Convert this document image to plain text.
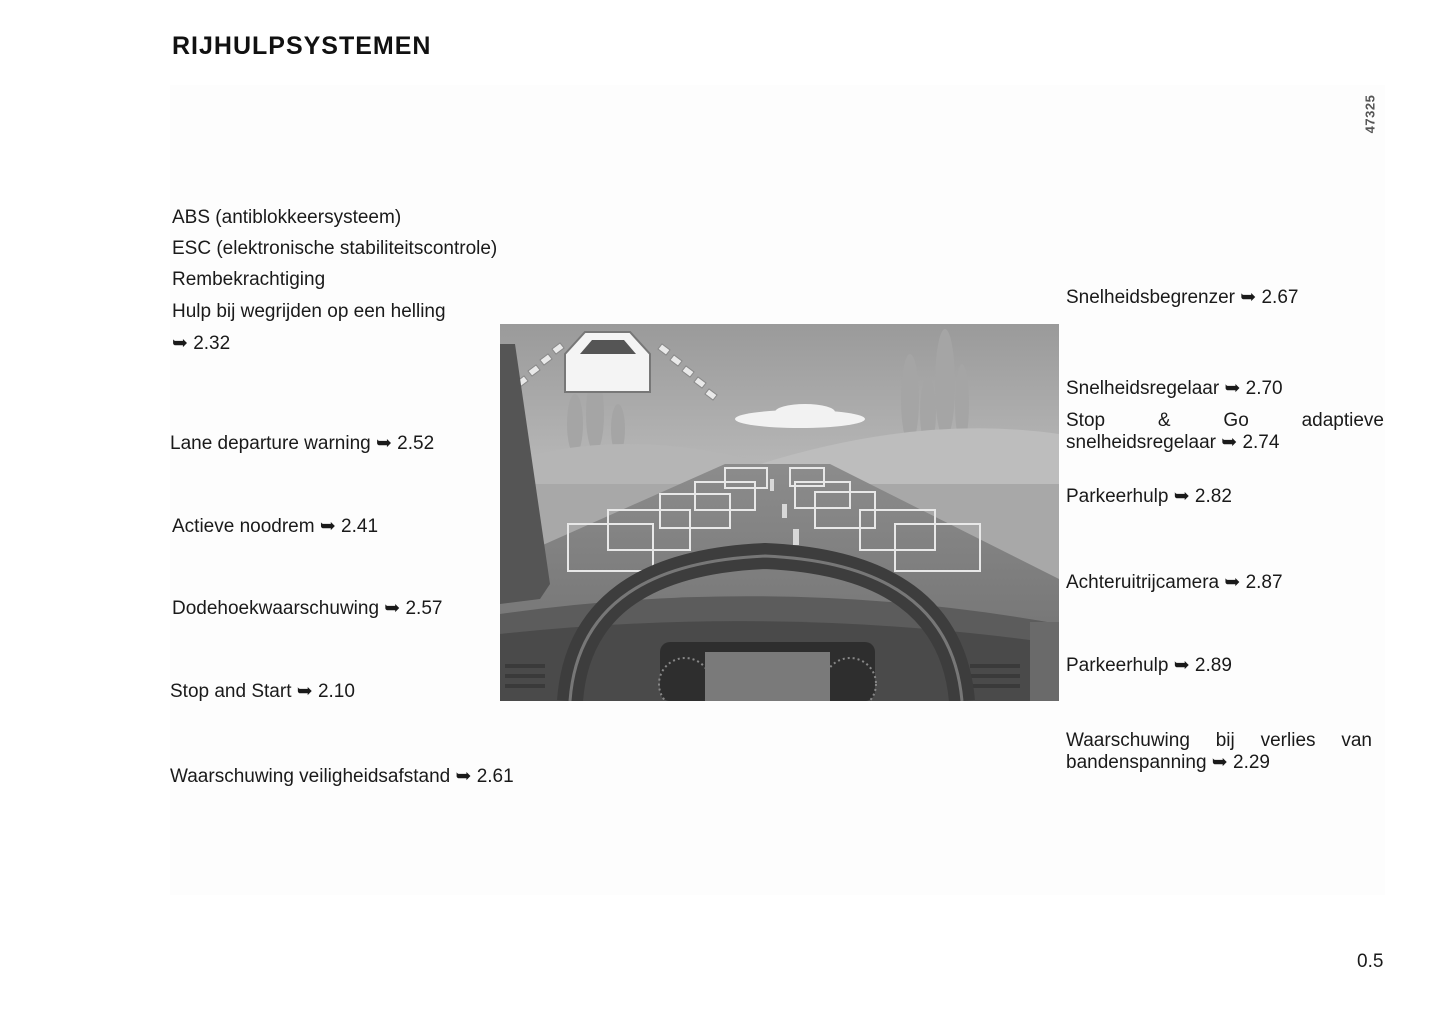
RIJHULPSYSTEMEN
47325
ABS (antiblokkeersysteem)
ESC (elektronische stabiliteitscontrole)
Rembekrachtiging
Hulp bij wegrijden op een helling
➥ 2.32
Lane departure warning ➥ 2.52
Actieve noodrem ➥ 2.41
Dodehoekwaarschuwing ➥ 2.57
Stop and Start ➥ 2.10
Waarschuwing veiligheidsafstand ➥ 2.61
Snelheidsbegrenzer ➥ 2.67
Snelheidsregelaar ➥ 2.70
Stop & Go adaptieve snelheidsregelaar ➥ 2.74
Parkeerhulp ➥ 2.82
Achteruitrijcamera ➥ 2.87
Parkeerhulp ➥ 2.89
Waarschuwing bij verlies van bandenspanning ➥ 2.29
0.5
